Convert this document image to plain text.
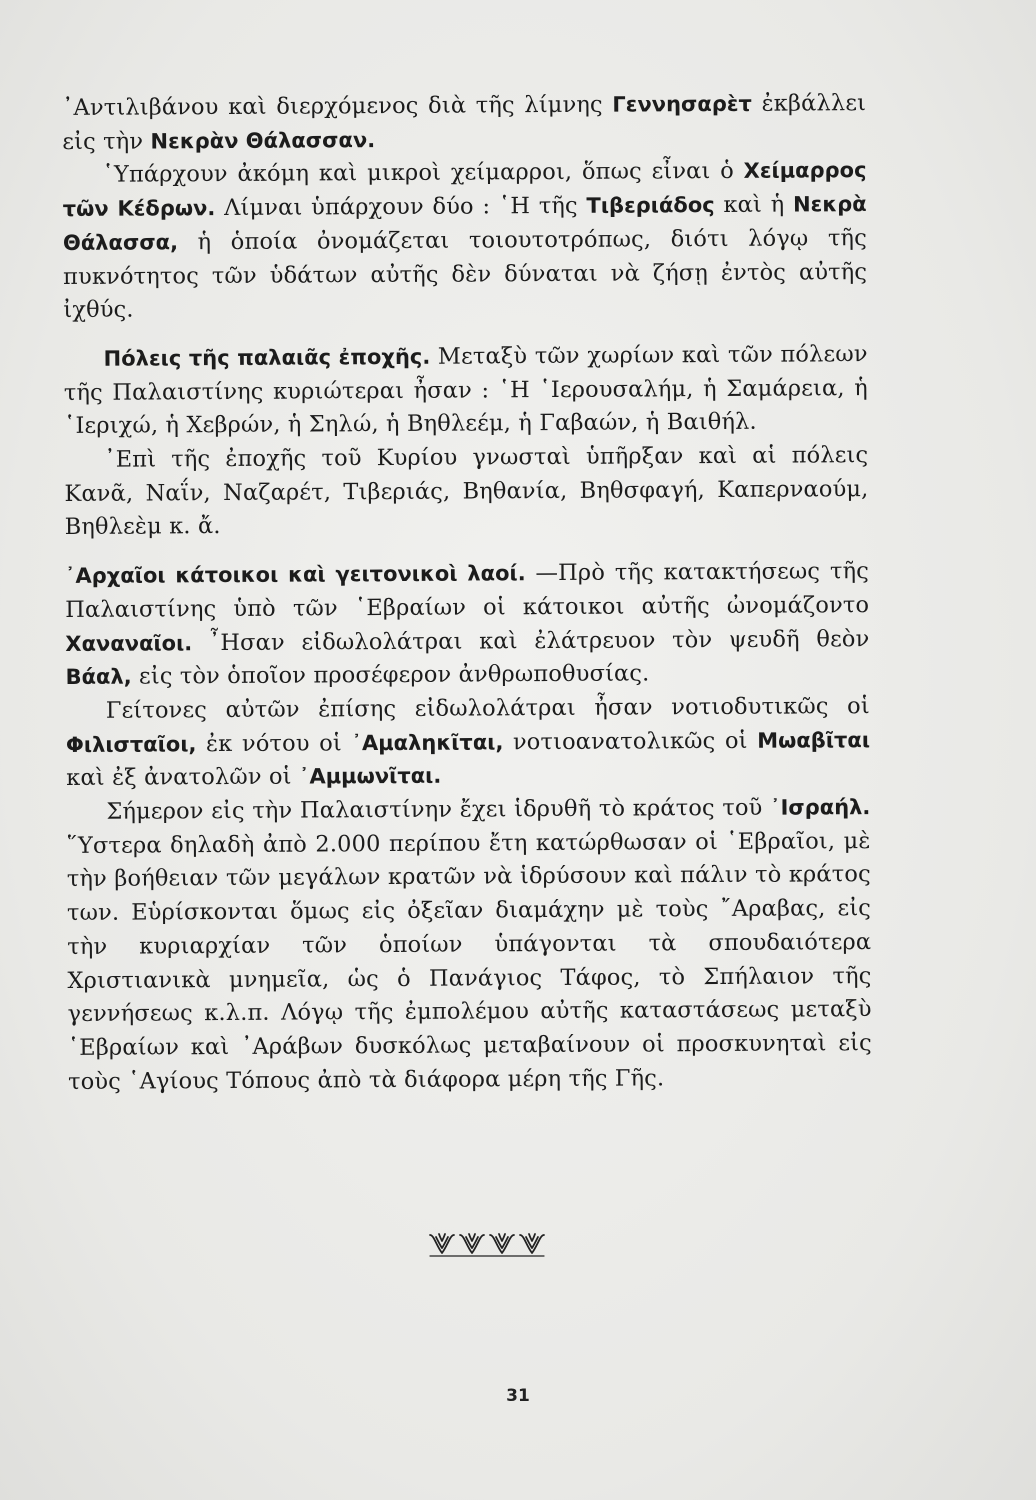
᾿Αντιλιβάνου καὶ διερχόμενος διὰ τῆς λίμνης Γεννησαρὲτ ἐκβάλλει εἰς τὴν Νεκρὰν Θάλασσαν.

῾Υπάρχουν ἀκόμη καὶ μικροὶ χείμαρροι, ὅπως εἶναι ὁ Χείμαρρος τῶν Κέδρων. Λίμναι ὑπάρχουν δύο : ῾Η τῆς Τιβεριάδος καὶ ἡ Νεκρὰ Θάλασσα, ἡ ὁποία ὀνομάζεται τοιουτοτρόπως, διότι λόγῳ τῆς πυκνότητος τῶν ὑδάτων αὐτῆς δὲν δύναται νὰ ζήσῃ ἐντὸς αὐτῆς ἰχθύς.

Πόλεις τῆς παλαιᾶς ἐποχῆς. Μεταξὺ τῶν χωρίων καὶ τῶν πόλεων τῆς Παλαιστίνης κυριώτεραι ἦσαν : ῾Η ῾Ιερουσαλήμ, ἡ Σαμάρεια, ἡ ῾Ιεριχώ, ἡ Χεβρών, ἡ Σηλώ, ἡ Βηθλεέμ, ἡ Γαβαών, ἡ Βαιθήλ.

᾿Επὶ τῆς ἐποχῆς τοῦ Κυρίου γνωσταὶ ὑπῆρξαν καὶ αἱ πόλεις Κανᾶ, Ναΐν, Ναζαρέτ, Τιβεριάς, Βηθανία, Βηθσφαγή, Καπερναούμ, Βηθλεὲμ κ. ἄ.

᾿Αρχαῖοι κάτοικοι καὶ γειτονικοὶ λαοί. —Πρὸ τῆς κατακτήσεως τῆς Παλαιστίνης ὑπὸ τῶν ῾Εβραίων οἱ κάτοικοι αὐτῆς ὠνομάζοντο Χαναναῖοι. ῏Ησαν εἰδωλολάτραι καὶ ἐλάτρευον τὸν ψευδῆ θεὸν Βάαλ, εἰς τὸν ὁποῖον προσέφερον ἀνθρωποθυσίας.

Γείτονες αὐτῶν ἐπίσης εἰδωλολάτραι ἦσαν νοτιοδυτικῶς οἱ Φιλισταῖοι, ἐκ νότου οἱ ᾿Αμαληκῖται, νοτιοανατολικῶς οἱ Μωαβῖται καὶ ἐξ ἀνατολῶν οἱ ᾿Αμμωνῖται.

Σήμερον εἰς τὴν Παλαιστίνην ἔχει ἱδρυθῆ τὸ κράτος τοῦ ᾿Ισραήλ. ῞Υστερα δηλαδὴ ἀπὸ 2.000 περίπου ἔτη κατώρθωσαν οἱ ῾Εβραῖοι, μὲ τὴν βοήθειαν τῶν μεγάλων κρατῶν νὰ ἱδρύσουν καὶ πάλιν τὸ κράτος των. Εὑρίσκονται ὅμως εἰς ὀξεῖαν διαμάχην μὲ τοὺς ῎Αραβας, εἰς τὴν κυριαρχίαν τῶν ὁποίων ὑπάγονται τὰ σπουδαιότερα Χριστιανικὰ μνημεῖα, ὡς ὁ Πανάγιος Τάφος, τὸ Σπήλαιον τῆς γεννήσεως κ.λ.π. Λόγῳ τῆς ἐμπολέμου αὐτῆς καταστάσεως μεταξὺ ῾Εβραίων καὶ ᾿Αράβων δυσκόλως μεταβαίνουν οἱ προσκυνηταὶ εἰς τοὺς ῾Αγίους Τόπους ἀπὸ τὰ διάφορα μέρη τῆς Γῆς.

31
